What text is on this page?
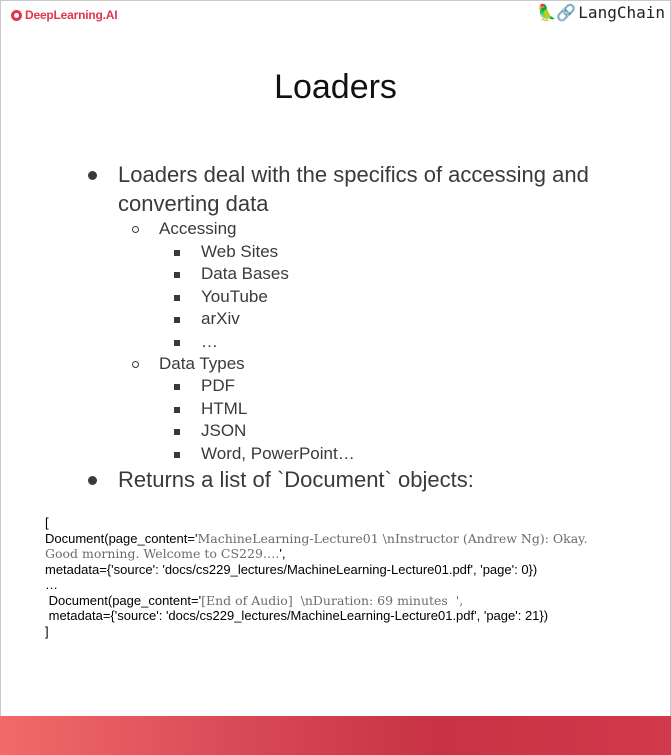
DeepLearning.AI	🦜🔗 LangChain
Loaders
Loaders deal with the specifics of accessing and converting data
Accessing
Web Sites
Data Bases
YouTube
arXiv
…
Data Types
PDF
HTML
JSON
Word, PowerPoint…
Returns a list of `Document` objects:
[
Document(page_content='MachineLearning-Lecture01 \nInstructor (Andrew Ng): Okay.
Good morning. Welcome to CS229….',
metadata={'source': 'docs/cs229_lectures/MachineLearning-Lecture01.pdf', 'page': 0})
…
Document(page_content='[End of Audio]  \nDuration: 69 minutes  ',
metadata={'source': 'docs/cs229_lectures/MachineLearning-Lecture01.pdf', 'page': 21})
]
